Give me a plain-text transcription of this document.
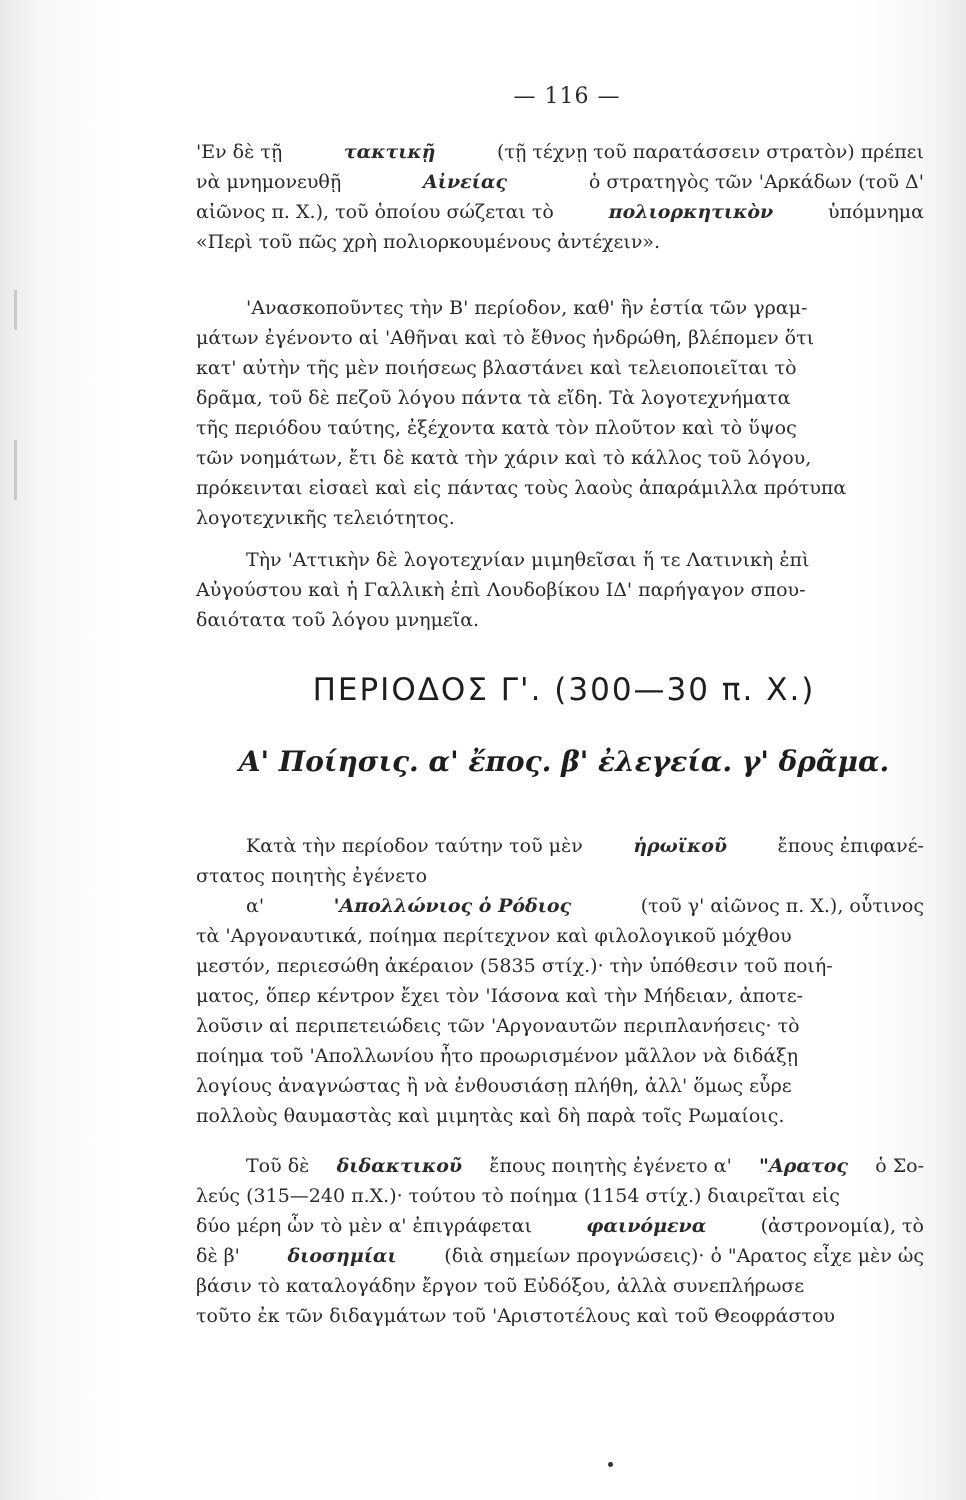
— 116 —
'Εν δὲ τῇ	τακτικῇ	(τῇ τέχνῃ τοῦ παρατάσσειν στρατὸν) πρέπει
νὰ μνημονευθῇ	Αἰνείας	ὁ στρατηγὸς τῶν 'Αρκάδων (τοῦ Δ'
αἰῶνος π. Χ.), τοῦ ὁποίου σώζεται τὸ	πολιορκητικὸν	ὑπόμνημα
«Περὶ τοῦ πῶς χρὴ πολιορκουμένους ἀντέχειν».
'Ανασκοποῦντες τὴν Β' περίοδον, καθ' ἣν ἑστία τῶν γραμ-
μάτων ἐγένοντο αἱ 'Αθῆναι καὶ τὸ ἔθνος ἠνδρώθη, βλέπομεν ὅτι
κατ' αὐτὴν τῆς μὲν ποιήσεως βλαστάνει καὶ τελειοποιεῖται τὸ
δρᾶμα, τοῦ δὲ πεζοῦ λόγου πάντα τὰ εἴδη. Τὰ λογοτεχνήματα
τῆς περιόδου ταύτης, ἐξέχοντα κατὰ τὸν πλοῦτον καὶ τὸ ὕψος
τῶν νοημάτων, ἔτι δὲ κατὰ τὴν χάριν καὶ τὸ κάλλος τοῦ λόγου,
πρόκεινται εἰσαεὶ καὶ εἰς πάντας τοὺς λαοὺς ἀπαράμιλλα πρότυπα
λογοτεχνικῆς τελειότητος.
Τὴν 'Αττικὴν δὲ λογοτεχνίαν μιμηθεῖσαι ἥ τε Λατινικὴ ἐπὶ
Αὐγούστου καὶ ἡ Γαλλικὴ ἐπὶ Λουδοβίκου ΙΔ' παρήγαγον σπου-
δαιότατα τοῦ λόγου μνημεῖα.
ΠΕΡΙΟΔΟΣ Γ'. (300—30 π. Χ.)
Α' Ποίησις. α' ἔπος. β' ἐλεγεία. γ' δρᾶμα.
Κατὰ τὴν περίοδον ταύτην τοῦ μὲν ἡρωϊκοῦ ἔπους ἐπιφανέ-
στατος ποιητὴς ἐγένετο
α'	'Απολλώνιος ὁ Ρόδιος	(τοῦ γ' αἰῶνος π. Χ.), οὗτινος
τὰ 'Αργοναυτικά, ποίημα περίτεχνον καὶ φιλολογικοῦ μόχθου
μεστόν, περιεσώθη ἀκέραιον (5835 στίχ.)· τὴν ὑπόθεσιν τοῦ ποιή-
ματος, ὅπερ κέντρον ἔχει τὸν 'Ιάσονα καὶ τὴν Μήδειαν, ἀποτε-
λοῦσιν αἱ περιπετειώδεις τῶν 'Αργοναυτῶν περιπλανήσεις· τὸ
ποίημα τοῦ 'Απολλωνίου ἦτο προωρισμένον μᾶλλον νὰ διδάξῃ
λογίους ἀναγνώστας ἢ νὰ ἐνθουσιάσῃ πλήθη, ἀλλ' ὅμως εὗρε
πολλοὺς θαυμαστὰς καὶ μιμητὰς καὶ δὴ παρὰ τοῖς Ρωμαίοις.
Τοῦ δὲ διδακτικοῦ ἔπους ποιητὴς ἐγένετο α' "Αρατος ὁ Σο-
λεύς (315—240 π.Χ.)· τούτου τὸ ποίημα (1154 στίχ.) διαιρεῖται εἰς
δύο μέρη ὧν τὸ μὲν α' ἐπιγράφεται	φαινόμενα	(ἀστρονομία), τὸ
δὲ β' διοσημίαι (διὰ σημείων προγνώσεις)· ὁ "Αρατος εἶχε μὲν ὡς
βάσιν τὸ καταλογάδην ἔργον τοῦ Εὐδόξου, ἀλλὰ συνεπλήρωσε
τοῦτο ἐκ τῶν διδαγμάτων τοῦ 'Αριστοτέλους καὶ τοῦ Θεοφράστου
